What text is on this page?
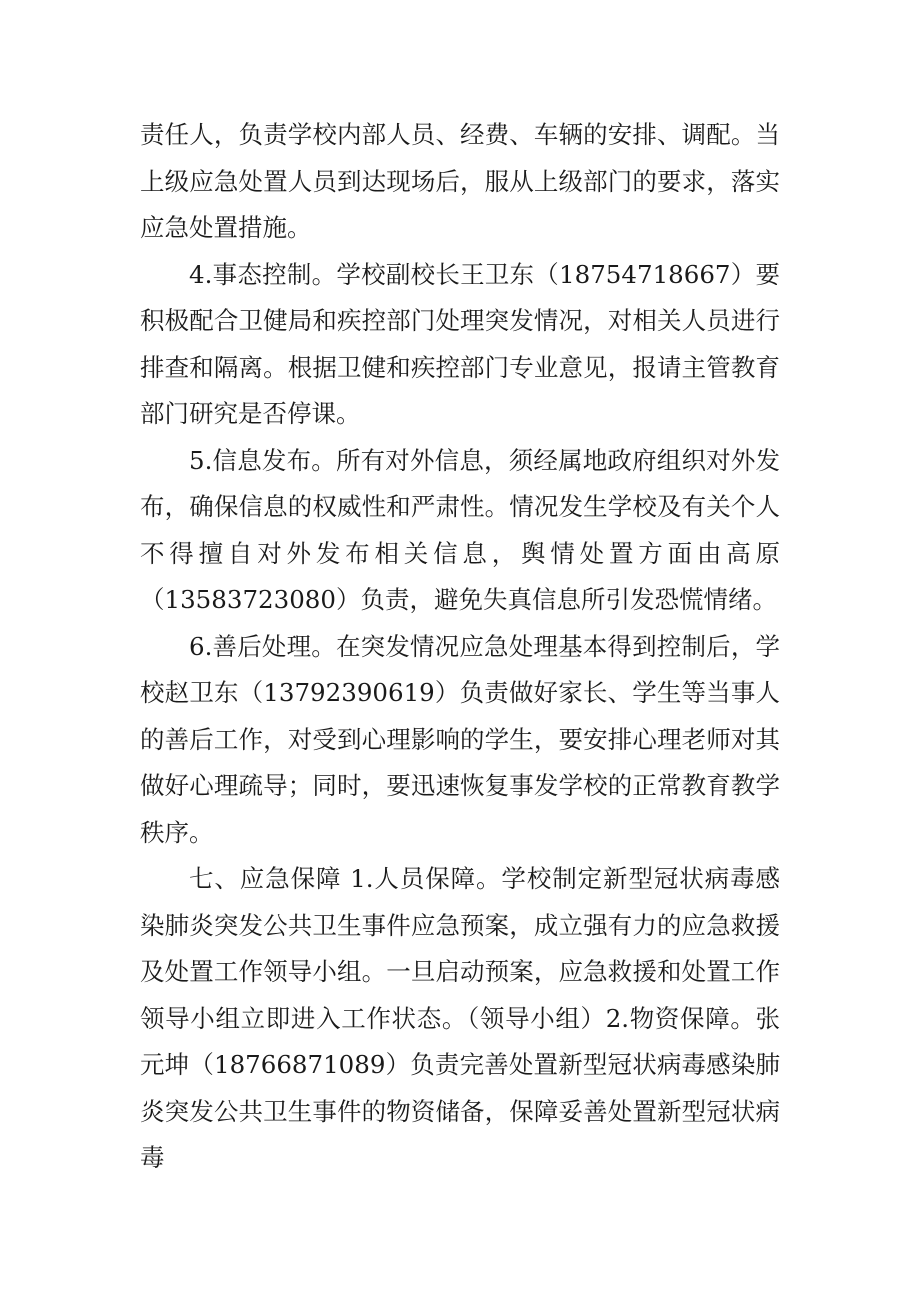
责任人，负责学校内部人员、经费、车辆的安排、调配。当上级应急处置人员到达现场后，服从上级部门的要求，落实应急处置措施。

4.事态控制。学校副校长王卫东（18754718667）要积极配合卫健局和疾控部门处理突发情况，对相关人员进行排查和隔离。根据卫健和疾控部门专业意见，报请主管教育部门研究是否停课。

5.信息发布。所有对外信息，须经属地政府组织对外发布，确保信息的权威性和严肃性。情况发生学校及有关个人不得擅自对外发布相关信息，舆情处置方面由高原（13583723080）负责，避免失真信息所引发恐慌情绪。

6.善后处理。在突发情况应急处理基本得到控制后，学校赵卫东（13792390619）负责做好家长、学生等当事人的善后工作，对受到心理影响的学生，要安排心理老师对其做好心理疏导；同时，要迅速恢复事发学校的正常教育教学秩序。

七、应急保障 1.人员保障。学校制定新型冠状病毒感染肺炎突发公共卫生事件应急预案，成立强有力的应急救援及处置工作领导小组。一旦启动预案，应急救援和处置工作领导小组立即进入工作状态。（领导小组）2.物资保障。张元坤（18766871089）负责完善处置新型冠状病毒感染肺炎突发公共卫生事件的物资储备，保障妥善处置新型冠状病毒
